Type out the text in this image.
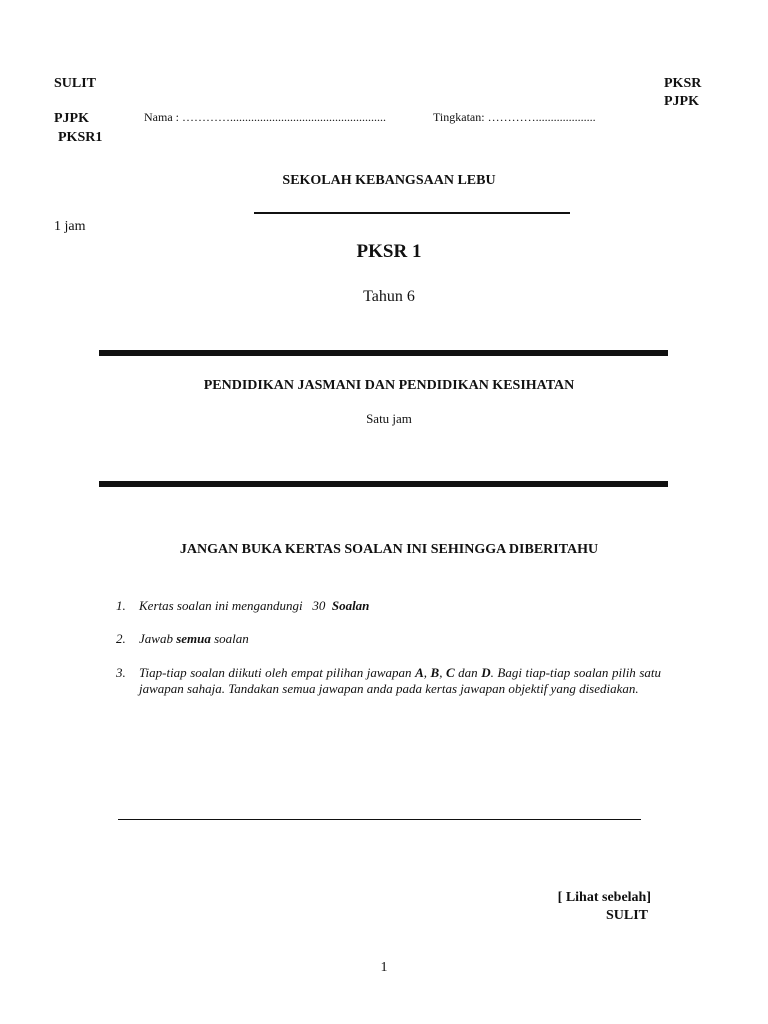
SULIT
PJPK
PKSR1
PKSR
PJPK
Nama : …………....................................................	Tingkatan: …………....................
SEKOLAH KEBANGSAAN LEBU
1 jam
PKSR 1
Tahun 6
PENDIDIKAN JASMANI DAN PENDIDIKAN KESIHATAN
Satu jam
JANGAN BUKA KERTAS SOALAN INI SEHINGGA DIBERITAHU
1. Kertas soalan ini mengandungi 30 Soalan
2. Jawab semua soalan
3. Tiap-tiap soalan diikuti oleh empat pilihan jawapan A, B, C dan D. Bagi tiap-tiap soalan pilih satu jawapan sahaja. Tandakan semua jawapan anda pada kertas jawapan objektif yang disediakan.
[ Lihat sebelah]
SULIT
1
